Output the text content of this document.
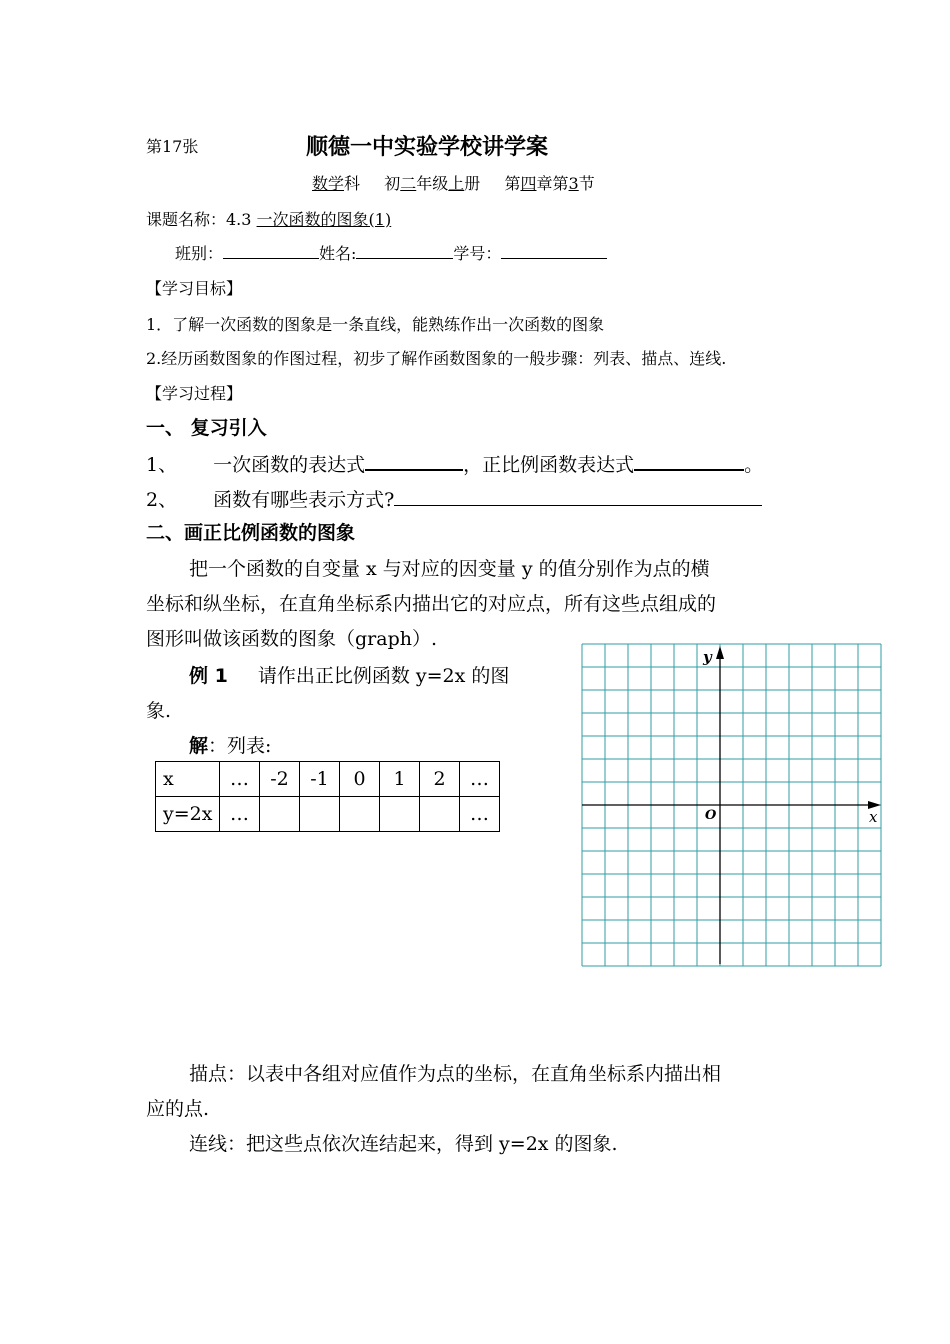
第17张	顺德一中实验学校讲学案
数学科 初二年级上册 第四章第3节
课题名称：4.3 一次函数的图象(1)
班别：	姓名:	学号：
【学习目标】
1．了解一次函数的图象是一条直线，能熟练作出一次函数的图象
2.经历函数图象的作图过程，初步了解作函数图象的一般步骤：列表、描点、连线.
【学习过程】
一、 复习引入
1、 一次函数的表达式	，正比例函数表达式	。
2、 函数有哪些表示方式?
二、画正比例函数的图象
把一个函数的自变量 x 与对应的因变量 y 的值分别作为点的横
坐标和纵坐标，在直角坐标系内描出它的对应点，所有这些点组成的
图形叫做该函数的图象（graph）.
例 1 请作出正比例函数 y=2x 的图
象.
解：列表:
x	…	-2	-1	0	1	2	…
y=2x	…						…
y
x
O
描点：以表中各组对应值作为点的坐标，在直角坐标系内描出相
应的点.
连线：把这些点依次连结起来，得到 y=2x 的图象.
